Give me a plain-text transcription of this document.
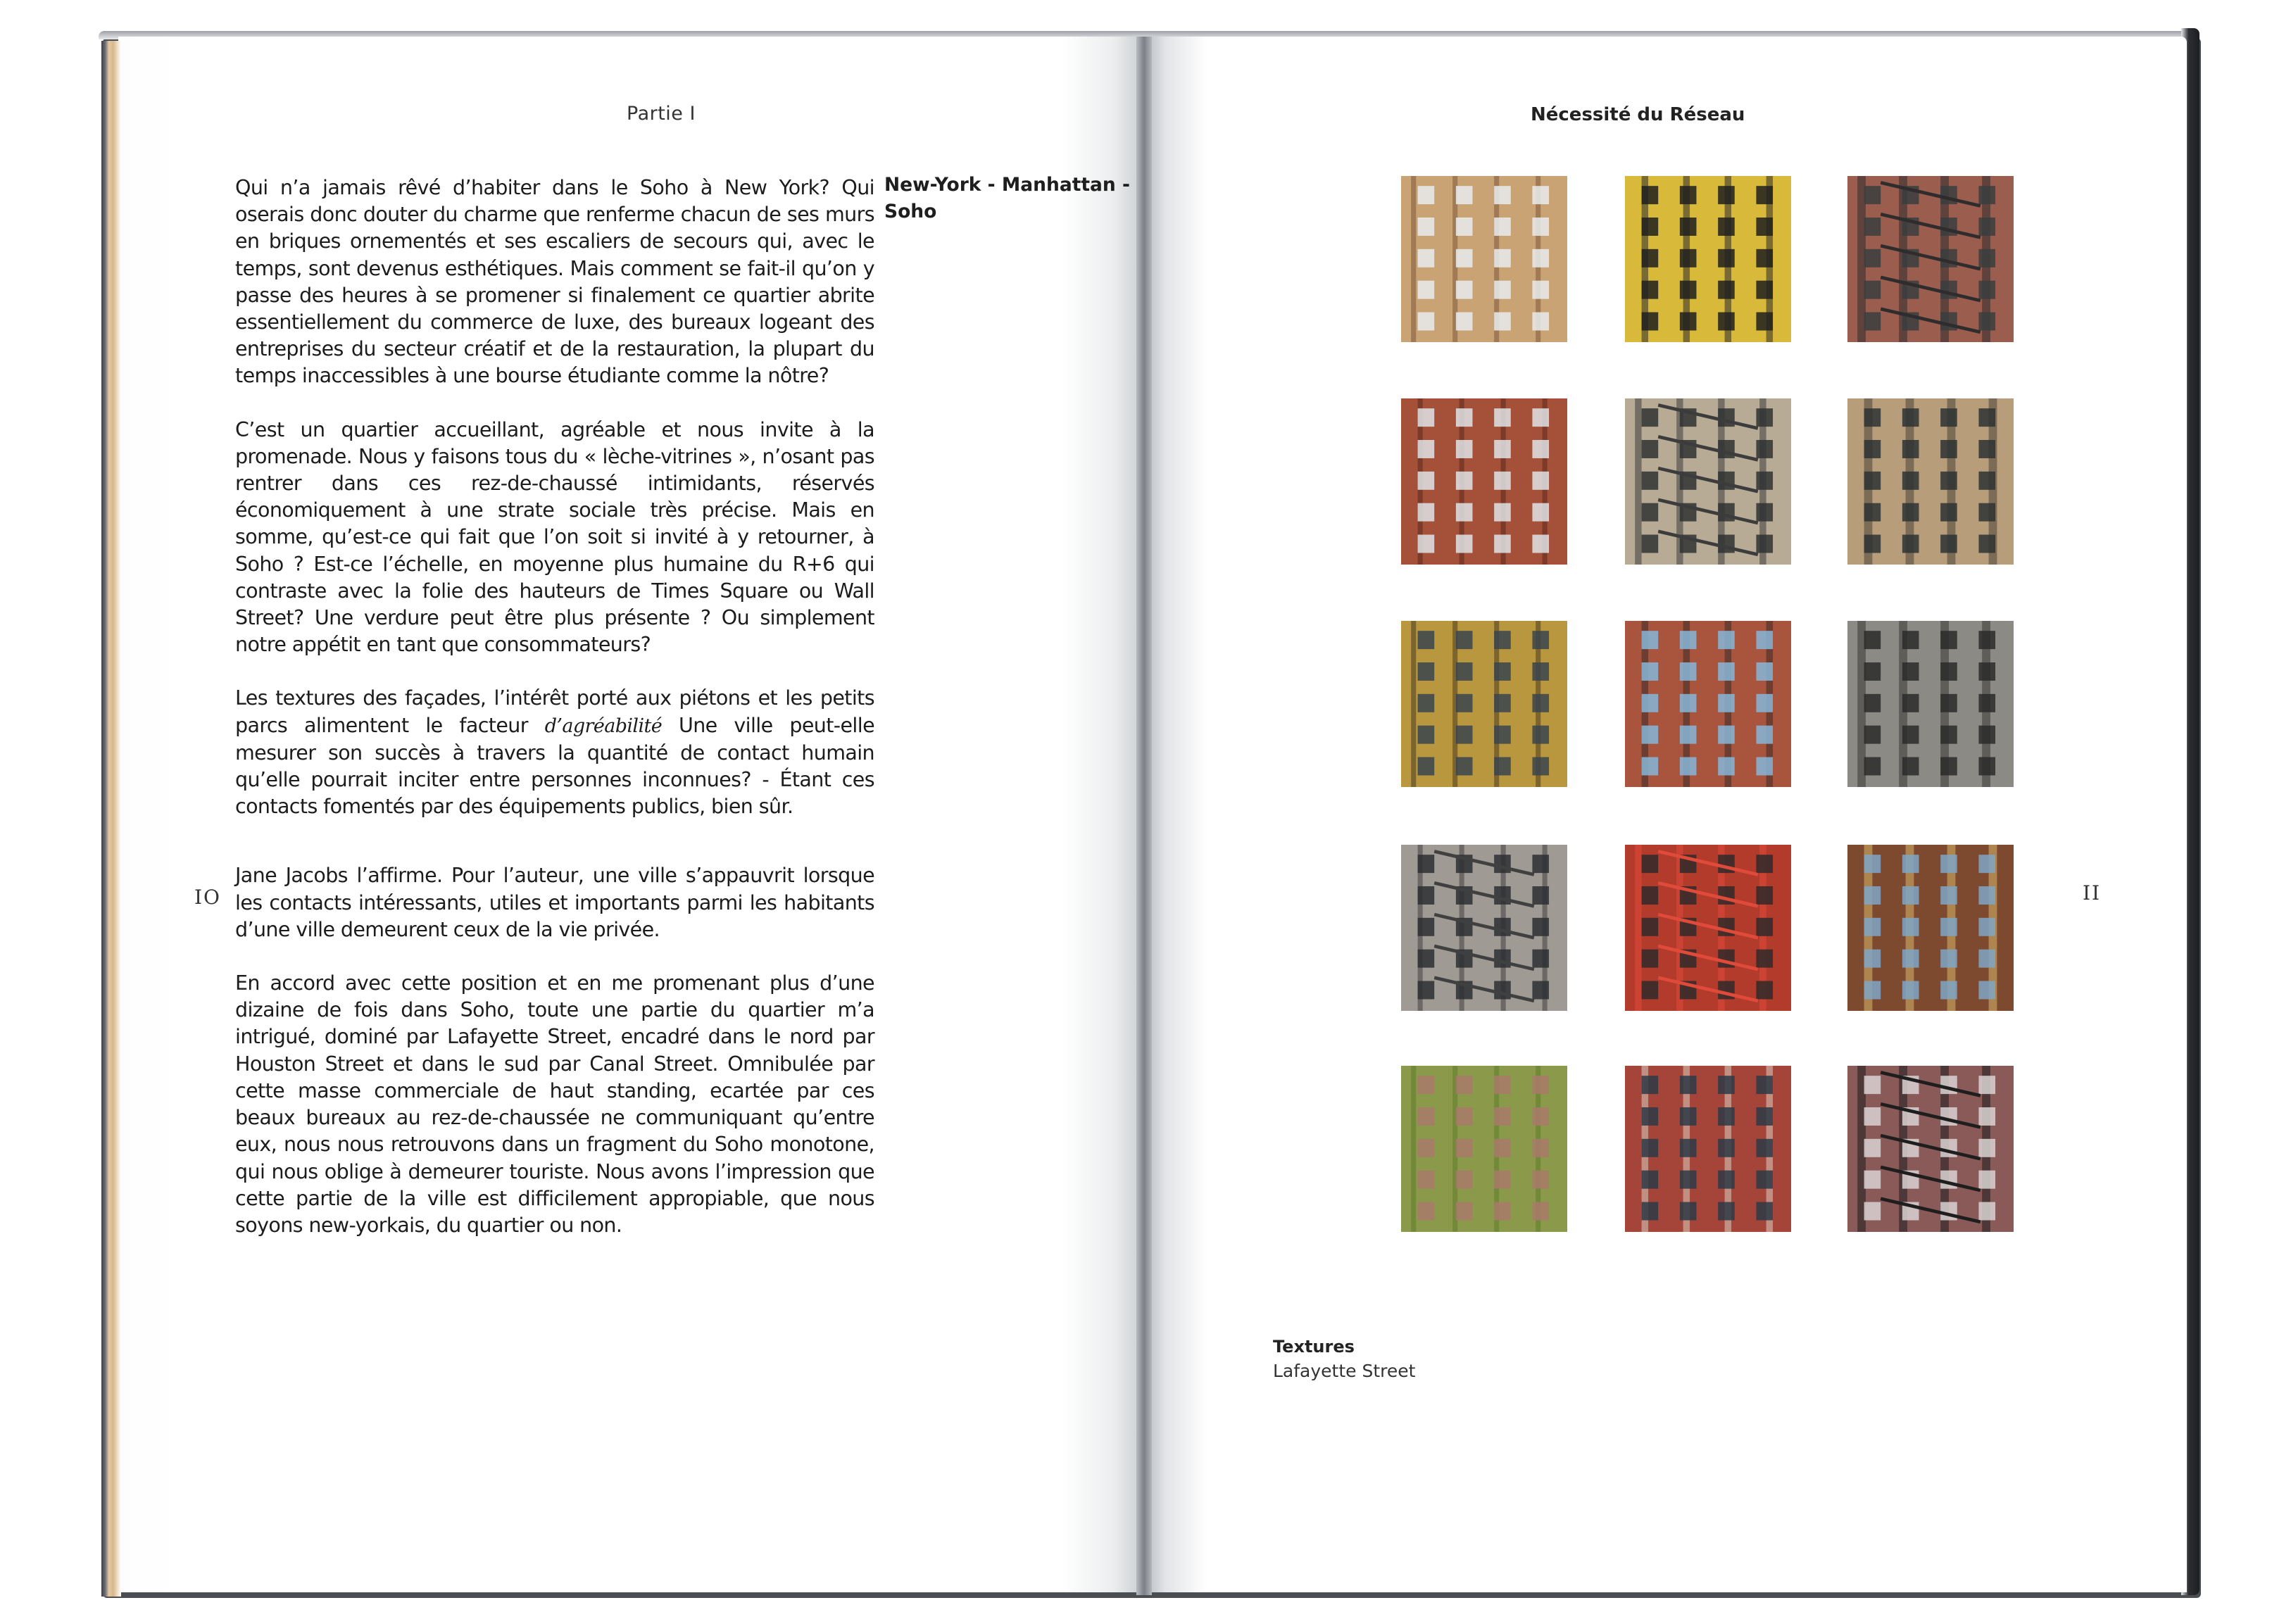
Partie I

Qui n’a jamais rêvé d’habiter dans le Soho à New York? Qui oserais donc douter du charme que renferme chacun de ses murs en briques ornementés et ses escaliers de secours qui, avec le temps, sont devenus esthétiques. Mais comment se fait-il qu’on y passe des heures à se promener si finalement ce quartier abrite essentiellement du commerce de luxe, des bureaux logeant des entreprises du secteur créatif et de la restauration, la plupart du temps inaccessibles à une bourse étudiante comme la nôtre?

C’est un quartier accueillant, agréable et nous invite à la promenade. Nous y faisons tous du « lèche-vitrines », n’osant pas rentrer dans ces rez-de-chaussé intimidants, réservés économiquement à une strate sociale très précise. Mais en somme, qu’est-ce qui fait que l’on soit si invité à y retourner, à Soho ? Est-ce l’échelle, en moyenne plus humaine du R+6 qui contraste avec la folie des hauteurs de Times Square ou Wall Street? Une verdure peut être plus présente ? Ou simplement notre appétit en tant que consommateurs?

Les textures des façades, l’intérêt porté aux piétons et les petits parcs alimentent le facteur d’agréabilité Une ville peut-elle mesurer son succès à travers la quantité de contact humain qu’elle pourrait inciter entre personnes inconnues? - Étant ces contacts fomentés par des équipements publics, bien sûr.

Jane Jacobs l’affirme. Pour l’auteur, une ville s’appauvrit lorsque les contacts intéressants, utiles et importants parmi les habitants d’une ville demeurent ceux de la vie privée.

En accord avec cette position et en me promenant plus d’une dizaine de fois dans Soho, toute une partie du quartier m’a intrigué, dominé par Lafayette Street, encadré dans le nord par Houston Street et dans le sud par Canal Street. Omnibulée par cette masse commerciale de haut standing, ecartée par ces beaux bureaux au rez-de-chaussée ne communiquant qu’entre eux, nous nous retrouvons dans un fragment du Soho monotone, qui nous oblige à demeurer touriste. Nous avons l’impression que cette partie de la ville est difficilement appropiable, que nous soyons new-yorkais, du quartier ou non.

New-York - Manhattan - Soho
IO
Nécessité du Réseau
II
Textures
Lafayette Street
